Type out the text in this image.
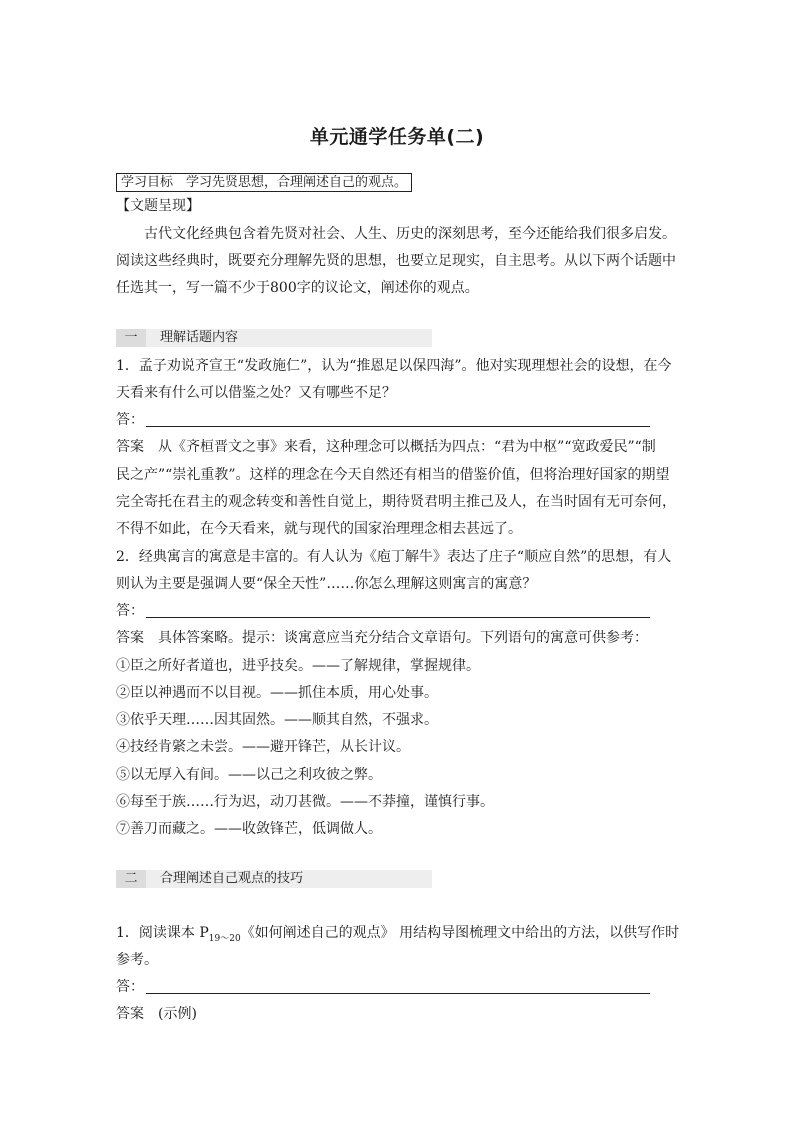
单元通学任务单(二)
学习目标　学习先贤思想，合理阐述自己的观点。
【文题呈现】
古代文化经典包含着先贤对社会、人生、历史的深刻思考，至今还能给我们很多启发。
阅读这些经典时，既要充分理解先贤的思想，也要立足现实，自主思考。从以下两个话题中
任选其一，写一篇不少于800字的议论文，阐述你的观点。
一	理解话题内容
1．孟子劝说齐宣王“发政施仁”，认为“推恩足以保四海”。他对实现理想社会的设想，在今
天看来有什么可以借鉴之处？又有哪些不足？
答：
答案　从《齐桓晋文之事》来看，这种理念可以概括为四点：“君为中枢”“宽政爱民”“制
民之产”“崇礼重教”。这样的理念在今天自然还有相当的借鉴价值，但将治理好国家的期望
完全寄托在君主的观念转变和善性自觉上，期待贤君明主推己及人，在当时固有无可奈何，
不得不如此，在今天看来，就与现代的国家治理理念相去甚远了。
2．经典寓言的寓意是丰富的。有人认为《庖丁解牛》表达了庄子“顺应自然”的思想，有人
则认为主要是强调人要“保全天性”……你怎么理解这则寓言的寓意？
答：
答案　具体答案略。提示：谈寓意应当充分结合文章语句。下列语句的寓意可供参考：
①臣之所好者道也，进乎技矣。——了解规律，掌握规律。
②臣以神遇而不以目视。——抓住本质，用心处事。
③依乎天理……因其固然。——顺其自然，不强求。
④技经肯綮之未尝。——避开锋芒，从长计议。
⑤以无厚入有间。——以己之利攻彼之弊。
⑥每至于族……行为迟，动刀甚微。——不莽撞，谨慎行事。
⑦善刀而藏之。——收敛锋芒，低调做人。
二	合理阐述自己观点的技巧
1．阅读课本 $P_{19\sim 20}$《如何阐述自己的观点》 用结构导图梳理文中给出的方法，以供写作时
参考。
答：
答案　(示例)
